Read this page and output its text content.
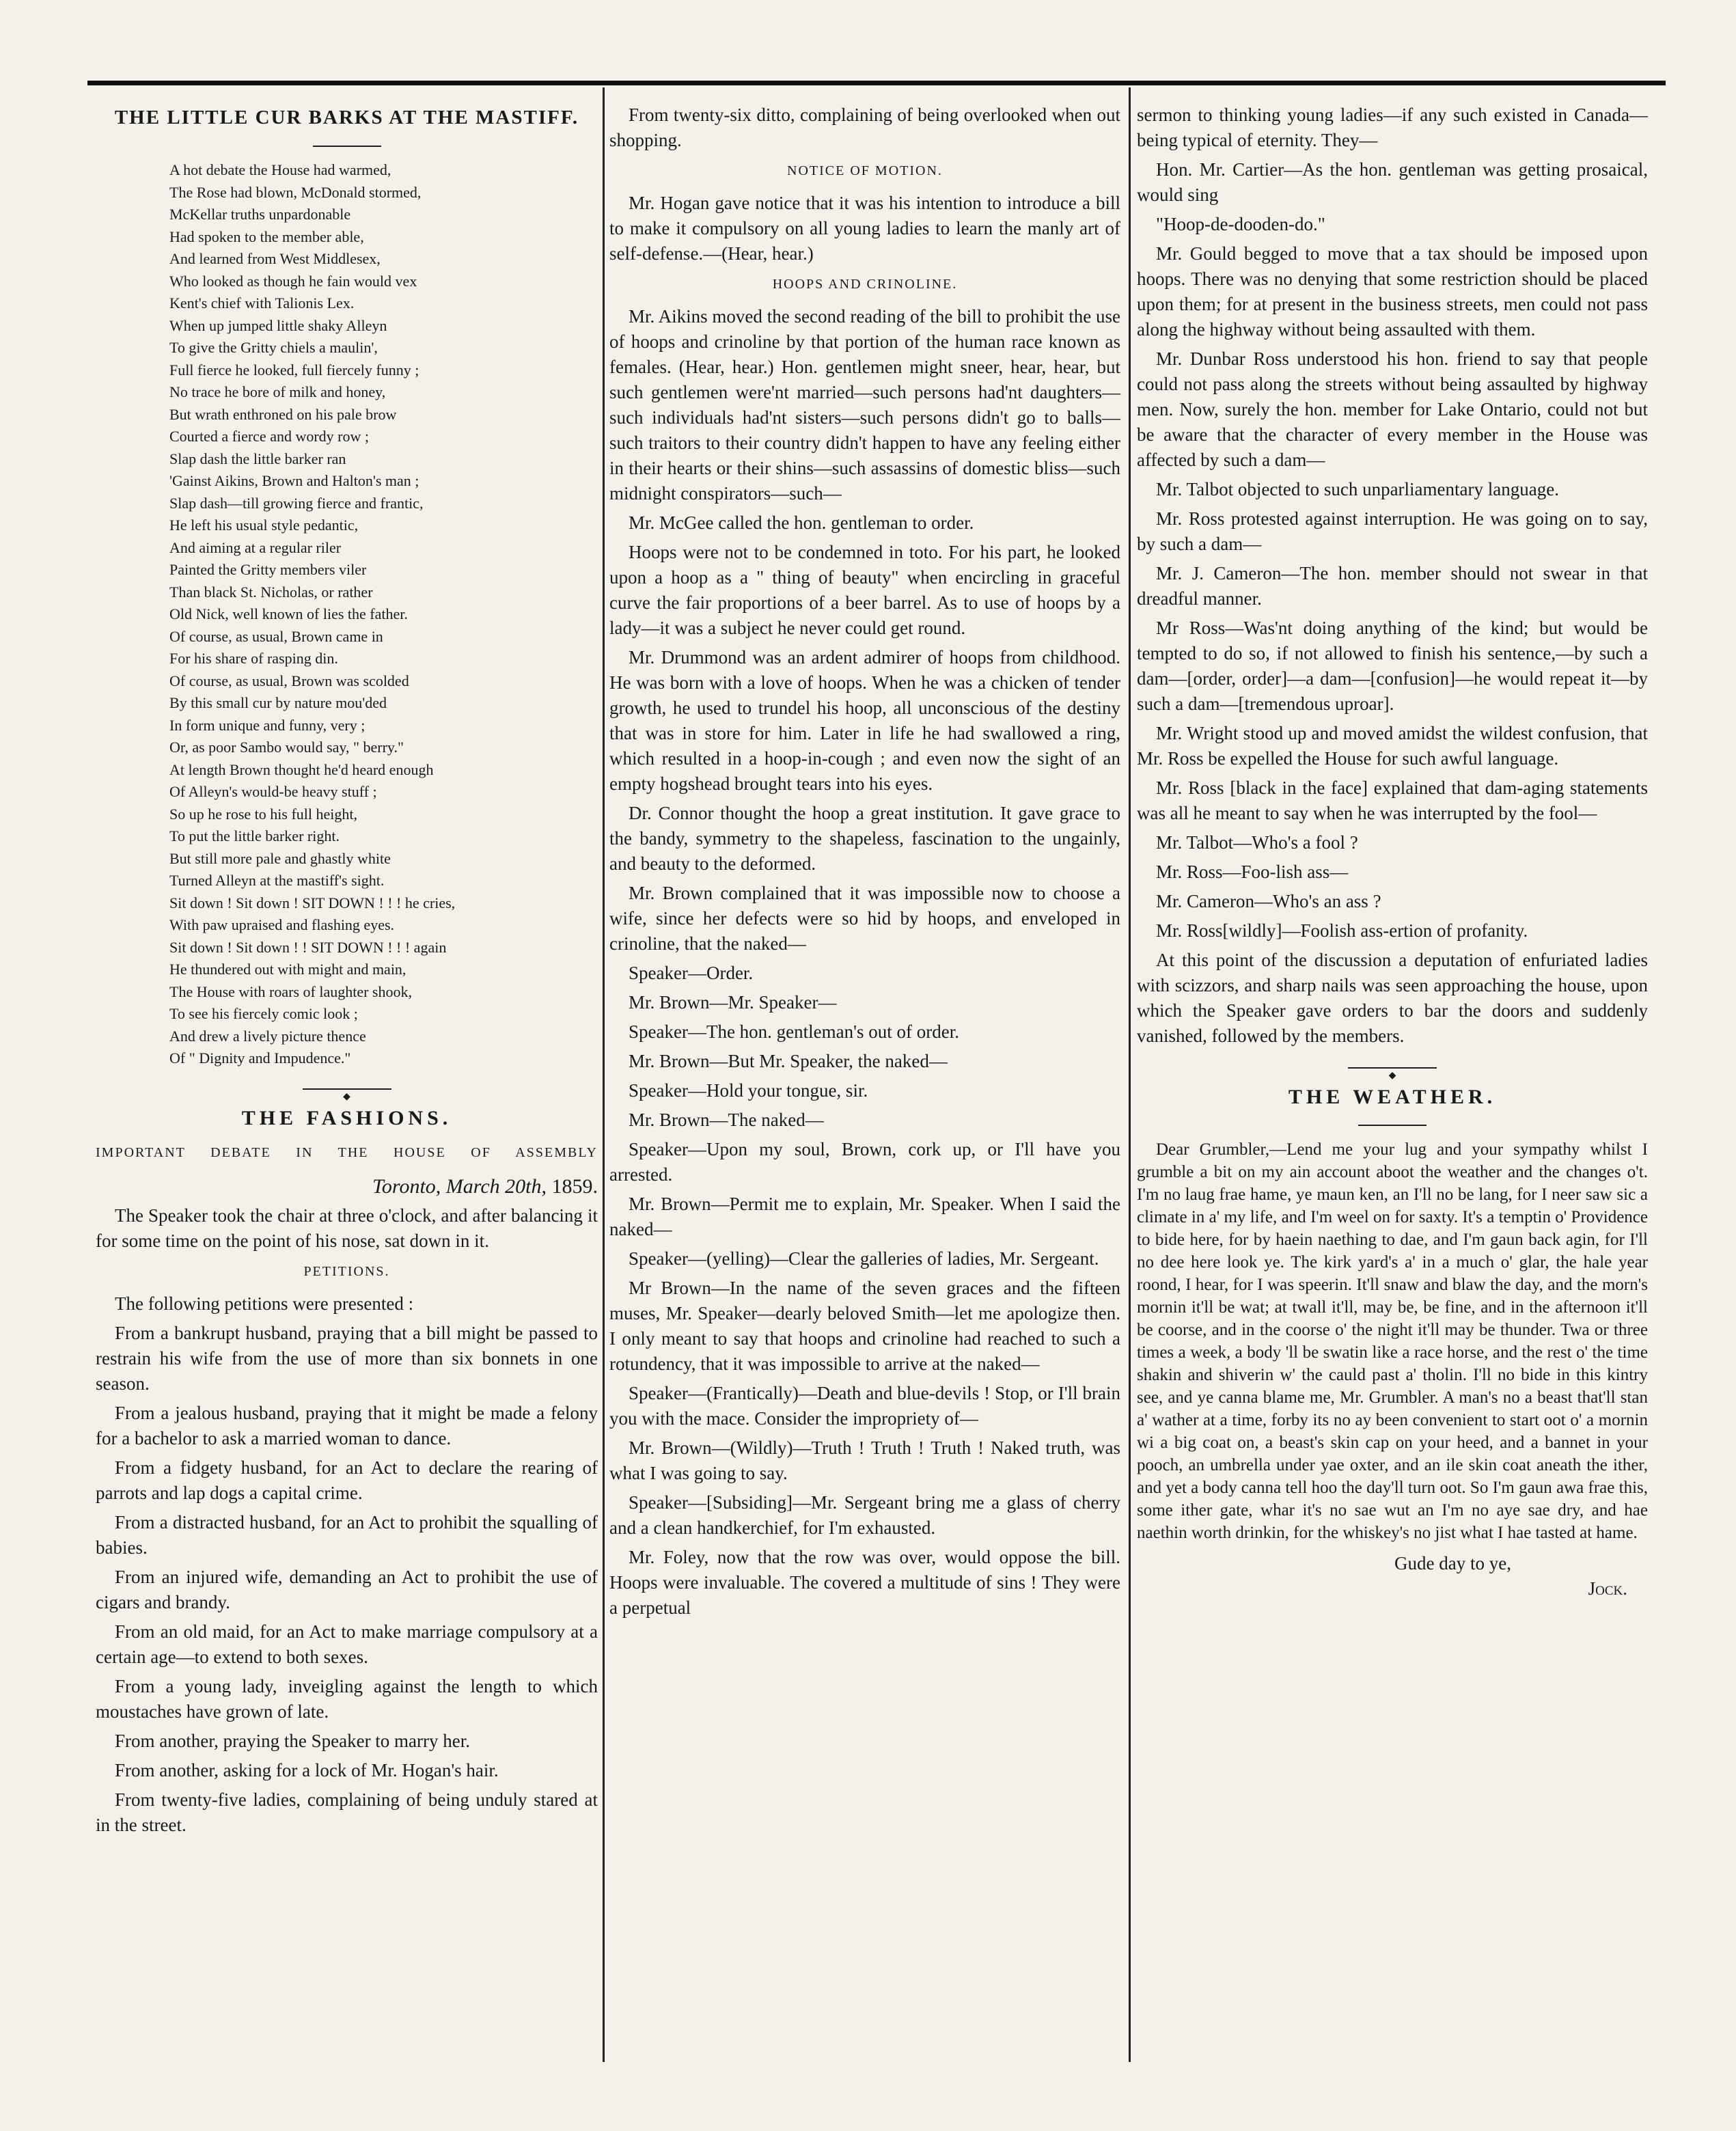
THE LITTLE CUR BARKS AT THE MASTIFF.
A hot debate the House had warmed,
The Rose had blown, McDonald stormed,
McKellar truths unpardonable
Had spoken to the member able,
And learned from West Middlesex,
Who looked as though he fain would vex
Kent's chief with Talionis Lex.
When up jumped little shaky Alleyn
To give the Gritty chiels a maulin',
Full fierce he looked, full fiercely funny ;
No trace he bore of milk and honey,
But wrath enthroned on his pale brow
Courted a fierce and wordy row ;
Slap dash the little barker ran
'Gainst Aikins, Brown and Halton's man ;
Slap dash—till growing fierce and frantic,
He left his usual style pedantic,
And aiming at a regular riler
Painted the Gritty members viler
Than black St. Nicholas, or rather
Old Nick, well known of lies the father.
Of course, as usual, Brown came in
For his share of rasping din.
Of course, as usual, Brown was scolded
By this small cur by nature mou'ded
In form unique and funny, very ;
Or, as poor Sambo would say, " berry."
At length Brown thought he'd heard enough
Of Alleyn's would-be heavy stuff ;
So up he rose to his full height,
To put the little barker right.
But still more pale and ghastly white
Turned Alleyn at the mastiff's sight.
Sit down ! Sit down ! SIT DOWN ! ! ! he cries,
With paw upraised and flashing eyes.
Sit down ! Sit down ! ! SIT DOWN ! ! ! again
He thundered out with might and main,
The House with roars of laughter shook,
To see his fiercely comic look ;
And drew a lively picture thence
Of " Dignity and Impudence."
◆
THE FASHIONS.
IMPORTANT DEBATE IN THE HOUSE OF ASSEMBLY
Toronto, March 20th, 1859.

The Speaker took the chair at three o'clock, and after balancing it for some time on the point of his nose, sat down in it.

PETITIONS.

The following petitions were presented :

From a bankrupt husband, praying that a bill might be passed to restrain his wife from the use of more than six bonnets in one season.

From a jealous husband, praying that it might be made a felony for a bachelor to ask a married woman to dance.

From a fidgety husband, for an Act to declare the rearing of parrots and lap dogs a capital crime.

From a distracted husband, for an Act to prohibit the squalling of babies.

From an injured wife, demanding an Act to prohibit the use of cigars and brandy.

From an old maid, for an Act to make marriage compulsory at a certain age—to extend to both sexes.

From a young lady, inveigling against the length to which moustaches have grown of late.

From another, praying the Speaker to marry her.

From another, asking for a lock of Mr. Hogan's hair.

From twenty-five ladies, complaining of being unduly stared at in the street.

From twenty-six ditto, complaining of being overlooked when out shopping.

NOTICE OF MOTION.

Mr. Hogan gave notice that it was his intention to introduce a bill to make it compulsory on all young ladies to learn the manly art of self-defense.—(Hear, hear.)

HOOPS AND CRINOLINE.

Mr. Aikins moved the second reading of the bill to prohibit the use of hoops and crinoline by that portion of the human race known as females. (Hear, hear.) Hon. gentlemen might sneer, hear, hear, but such gentlemen were'nt married—such persons had'nt daughters—such individuals had'nt sisters—such persons didn't go to balls—such traitors to their country didn't happen to have any feeling either in their hearts or their shins—such assassins of domestic bliss—such midnight conspirators—such—

Mr. McGee called the hon. gentleman to order.

Hoops were not to be condemned in toto. For his part, he looked upon a hoop as a " thing of beauty" when encircling in graceful curve the fair proportions of a beer barrel. As to use of hoops by a lady—it was a subject he never could get round.

Mr. Drummond was an ardent admirer of hoops from childhood. He was born with a love of hoops. When he was a chicken of tender growth, he used to trundel his hoop, all unconscious of the destiny that was in store for him. Later in life he had swallowed a ring, which resulted in a hoop-in-cough ; and even now the sight of an empty hogshead brought tears into his eyes.

Dr. Connor thought the hoop a great institution. It gave grace to the bandy, symmetry to the shapeless, fascination to the ungainly, and beauty to the deformed.

Mr. Brown complained that it was impossible now to choose a wife, since her defects were so hid by hoops, and enveloped in crinoline, that the naked—

Speaker—Order.

Mr. Brown—Mr. Speaker—

Speaker—The hon. gentleman's out of order.

Mr. Brown—But Mr. Speaker, the naked—

Speaker—Hold your tongue, sir.

Mr. Brown—The naked—

Speaker—Upon my soul, Brown, cork up, or I'll have you arrested.

Mr. Brown—Permit me to explain, Mr. Speaker. When I said the naked—

Speaker—(yelling)—Clear the galleries of ladies, Mr. Sergeant.

Mr Brown—In the name of the seven graces and the fifteen muses, Mr. Speaker—dearly beloved Smith—let me apologize then. I only meant to say that hoops and crinoline had reached to such a rotundency, that it was impossible to arrive at the naked—

Speaker—(Frantically)—Death and blue-devils ! Stop, or I'll brain you with the mace. Consider the impropriety of—

Mr. Brown—(Wildly)—Truth ! Truth ! Truth ! Naked truth, was what I was going to say.

Speaker—[Subsiding]—Mr. Sergeant bring me a glass of cherry and a clean handkerchief, for I'm exhausted.

Mr. Foley, now that the row was over, would oppose the bill. Hoops were invaluable. The covered a multitude of sins ! They were a perpetual

sermon to thinking young ladies—if any such existed in Canada—being typical of eternity. They—

Hon. Mr. Cartier—As the hon. gentleman was getting prosaical, would sing

"Hoop-de-dooden-do."

Mr. Gould begged to move that a tax should be imposed upon hoops. There was no denying that some restriction should be placed upon them; for at present in the business streets, men could not pass along the highway without being assaulted with them.

Mr. Dunbar Ross understood his hon. friend to say that people could not pass along the streets without being assaulted by highway men. Now, surely the hon. member for Lake Ontario, could not but be aware that the character of every member in the House was affected by such a dam—

Mr. Talbot objected to such unparliamentary language.

Mr. Ross protested against interruption. He was going on to say, by such a dam—

Mr. J. Cameron—The hon. member should not swear in that dreadful manner.

Mr Ross—Was'nt doing anything of the kind; but would be tempted to do so, if not allowed to finish his sentence,—by such a dam—[order, order]—a dam—[confusion]—he would repeat it—by such a dam—[tremendous uproar].

Mr. Wright stood up and moved amidst the wildest confusion, that Mr. Ross be expelled the House for such awful language.

Mr. Ross [black in the face] explained that dam-aging statements was all he meant to say when he was interrupted by the fool—

Mr. Talbot—Who's a fool ?

Mr. Ross—Foo-lish ass—

Mr. Cameron—Who's an ass ?

Mr. Ross[wildly]—Foolish ass-ertion of profanity.

At this point of the discussion a deputation of enfuriated ladies with scizzors, and sharp nails was seen approaching the house, upon which the Speaker gave orders to bar the doors and suddenly vanished, followed by the members.

◆
THE WEATHER.

Dear Grumbler,—Lend me your lug and your sympathy whilst I grumble a bit on my ain account aboot the weather and the changes o't. I'm no laug frae hame, ye maun ken, an I'll no be lang, for I neer saw sic a climate in a' my life, and I'm weel on for saxty. It's a temptin o' Providence to bide here, for by haein naething to dae, and I'm gaun back agin, for I'll no dee here look ye. The kirk yard's a' in a much o' glar, the hale year roond, I hear, for I was speerin. It'll snaw and blaw the day, and the morn's mornin it'll be wat; at twall it'll, may be, be fine, and in the afternoon it'll be coorse, and in the coorse o' the night it'll may be thunder. Twa or three times a week, a body 'll be swatin like a race horse, and the rest o' the time shakin and shiverin w' the cauld past a' tholin. I'll no bide in this kintry see, and ye canna blame me, Mr. Grumbler. A man's no a beast that'll stan a' wather at a time, forby its no ay been convenient to start oot o' a mornin wi a big coat on, a beast's skin cap on your heed, and a bannet in your pooch, an umbrella under yae oxter, and an ile skin coat aneath the ither, and yet a body canna tell hoo the day'll turn oot. So I'm gaun awa frae this, some ither gate, whar it's no sae wut an I'm no aye sae dry, and hae naethin worth drinkin, for the whiskey's no jist what I hae tasted at hame.

Gude day to ye,
Jock.
